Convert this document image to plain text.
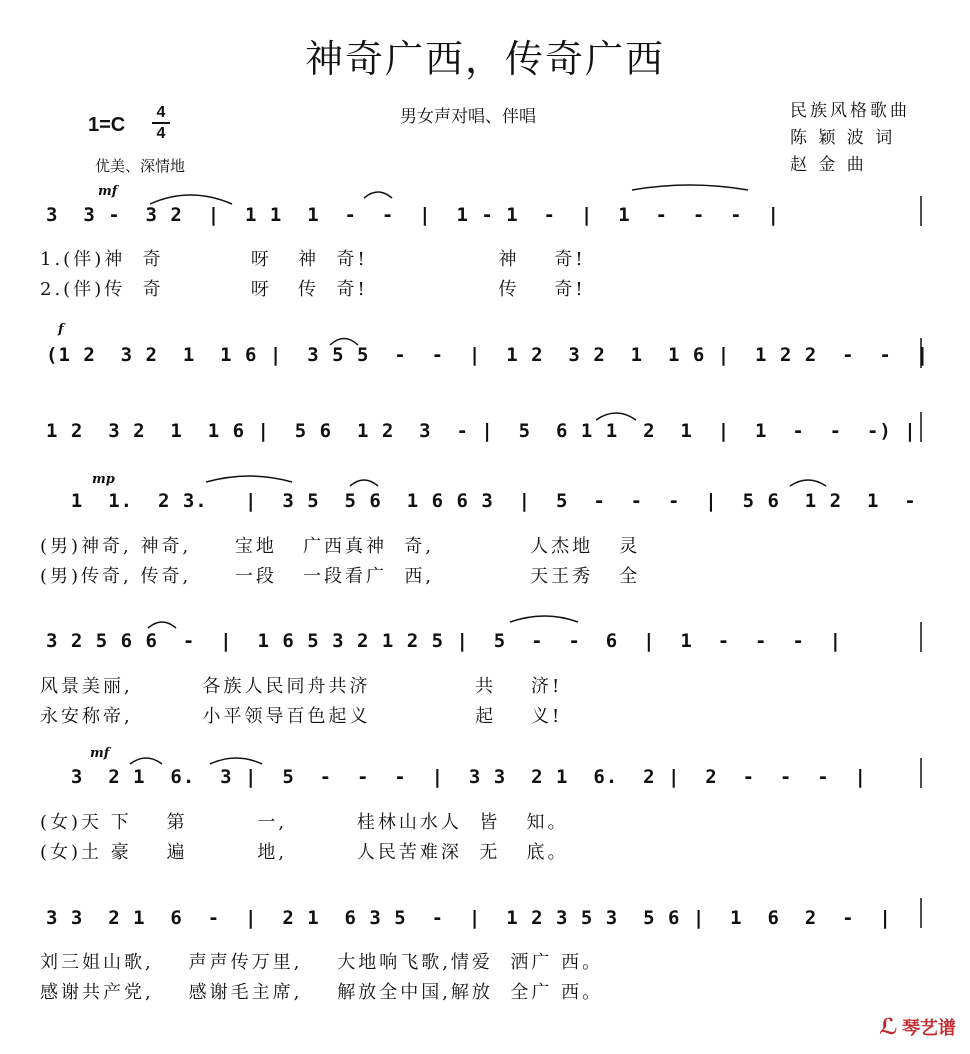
神奇广西，传奇广西
1=C
4
4
男女声对唱、伴唱	民族风格歌曲
陈 颖 波 词
赵 金 曲
优美、深情地
mf
3  3 -  3 2  |  1 1  1  -  -  |  1 - 1  -  |  1  -  -  -  |
1.(伴)神  奇          呀   神  奇!               神    奇!
2.(伴)传  奇          呀   传  奇!               传    奇!
f
(1 2  3 2  1  1 6 |  3 5 5  -  -  |  1 2  3 2  1  1 6 |  1 2 2  -  -  |
1 2  3 2  1  1 6 |  5 6  1 2  3  - |  5  6 1 1  2  1  |  1  -  -  -) |
mp
1  1.  2 3.   |  3 5  5 6  1 6 6 3  |  5  -  -  -  |  5 6  1 2  1  -
(男)神奇, 神奇,     宝地   广西真神  奇,           人杰地   灵
(男)传奇, 传奇,     一段   一段看广  西,           天王秀   全
3 2 5 6 6  -  |  1 6 5 3 2 1 2 5 |  5  -  -  6  |  1  -  -  -  |
风景美丽,        各族人民同舟共济            共    济!
永安称帝,        小平领导百色起义            起    义!
mf
3  2 1  6.  3 |  5  -  -  -  |  3 3  2 1  6.  2 |  2  -  -  -  |
(女)天 下    第        一,        桂林山水人  皆   知。
(女)土 豪    遍        地,        人民苦难深  无   底。
3 3  2 1  6  -  |  2 1  6 3 5  -  |  1 2 3 5 3  5 6 |  1  6  2  -  |
刘三姐山歌,    声声传万里,    大地响飞歌,情爱  洒广 西。
感谢共产党,    感谢毛主席,    解放全中国,解放  全广 西。
ℒ 琴艺谱
